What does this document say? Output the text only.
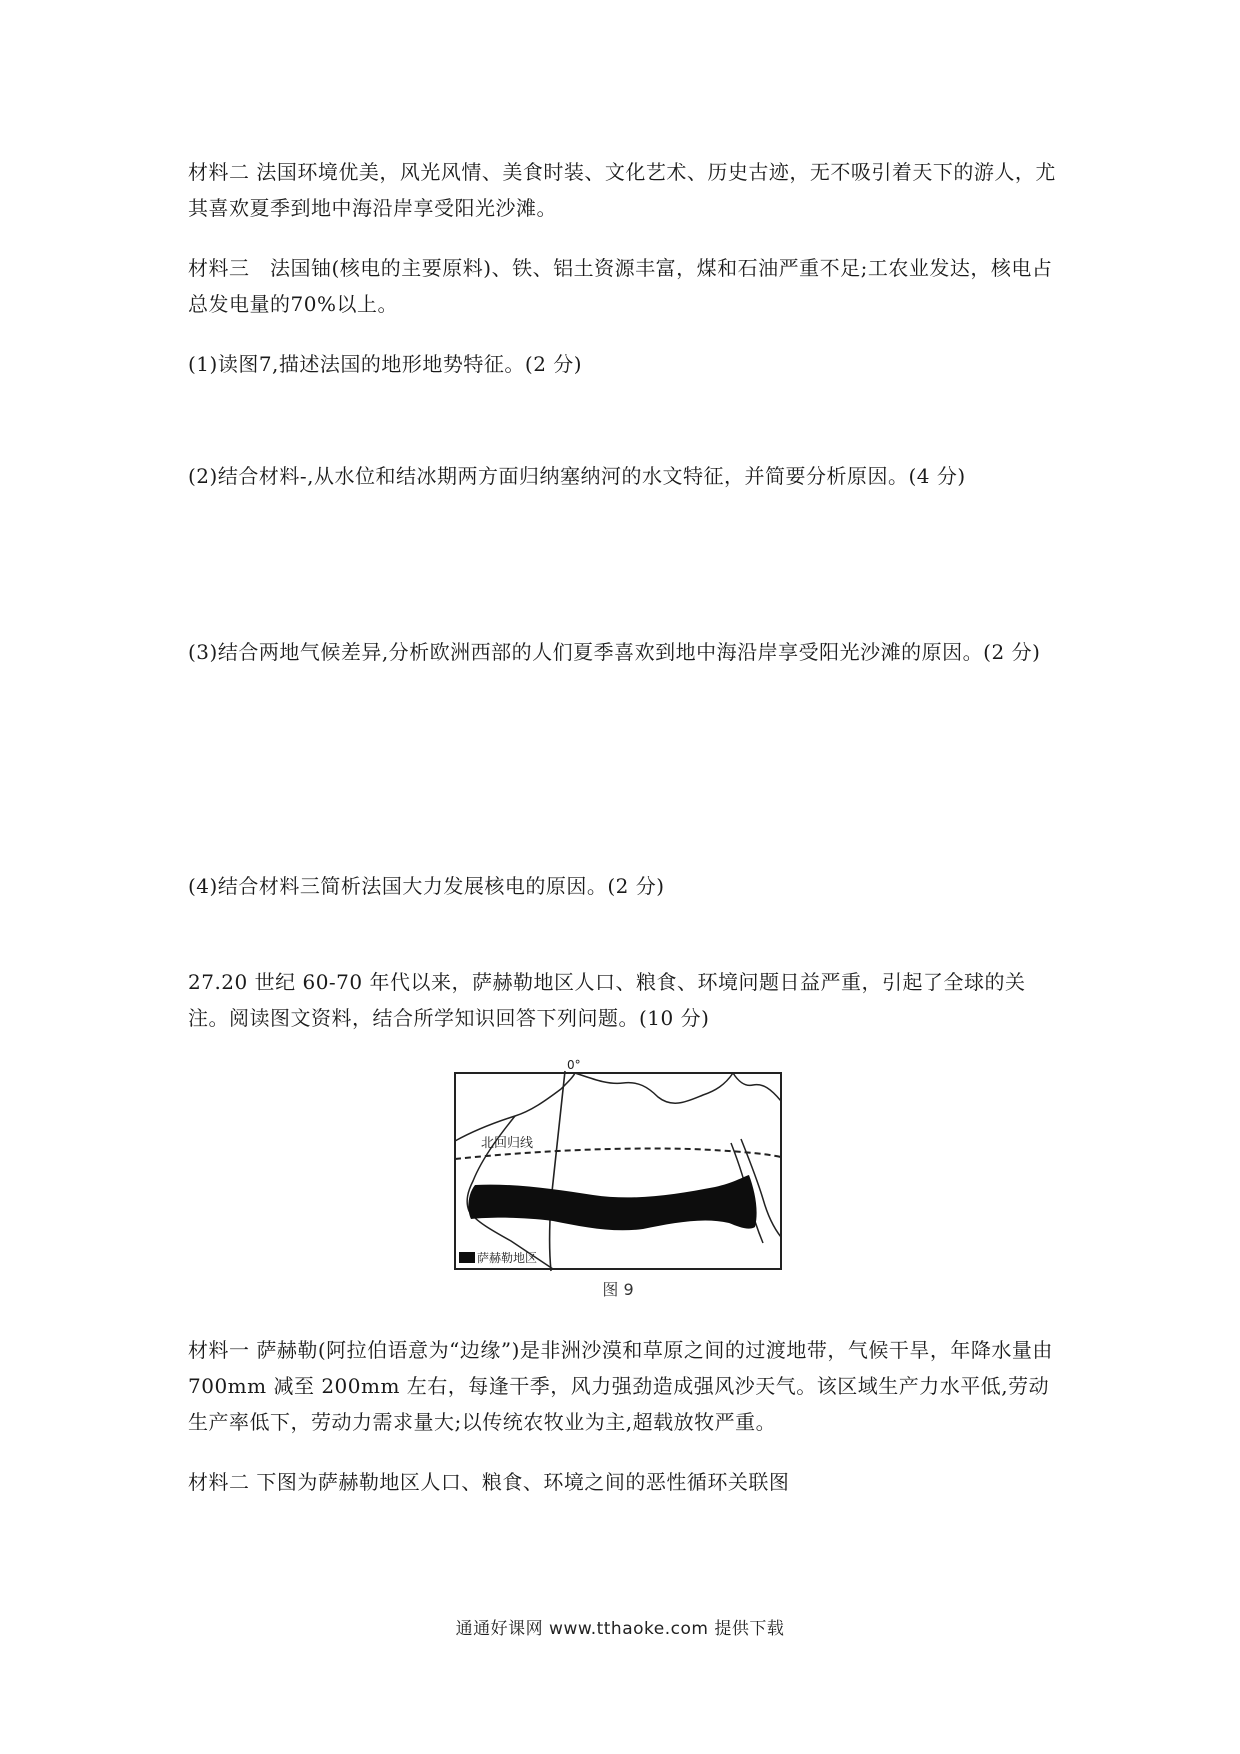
材料二 法国环境优美，风光风情、美食时装、文化艺术、历史古迹，无不吸引着天下的游人，尤其喜欢夏季到地中海沿岸享受阳光沙滩。

材料三　法国铀(核电的主要原料)、铁、铝土资源丰富，煤和石油严重不足;工农业发达，核电占总发电量的70%以上。

(1)读图7,描述法国的地形地势特征。(2 分)

(2)结合材料-,从水位和结冰期两方面归纳塞纳河的水文特征，并简要分析原因。(4 分)

(3)结合两地气候差异,分析欧洲西部的人们夏季喜欢到地中海沿岸享受阳光沙滩的原因。(2 分)

(4)结合材料三简析法国大力发展核电的原因。(2 分)

27.20 世纪 60-70 年代以来，萨赫勒地区人口、粮食、环境问题日益严重，引起了全球的关注。阅读图文资料，结合所学知识回答下列问题。(10 分)

0°
北回归线
萨赫勒地区
图 9

材料一 萨赫勒(阿拉伯语意为“边缘”)是非洲沙漠和草原之间的过渡地带，气候干旱，年降水量由 700mm 减至 200mm 左右，每逢干季，风力强劲造成强风沙天气。该区域生产力水平低,劳动生产率低下，劳动力需求量大;以传统农牧业为主,超载放牧严重。

材料二 下图为萨赫勒地区人口、粮食、环境之间的恶性循环关联图

通通好课网 www.tthaoke.com 提供下载
